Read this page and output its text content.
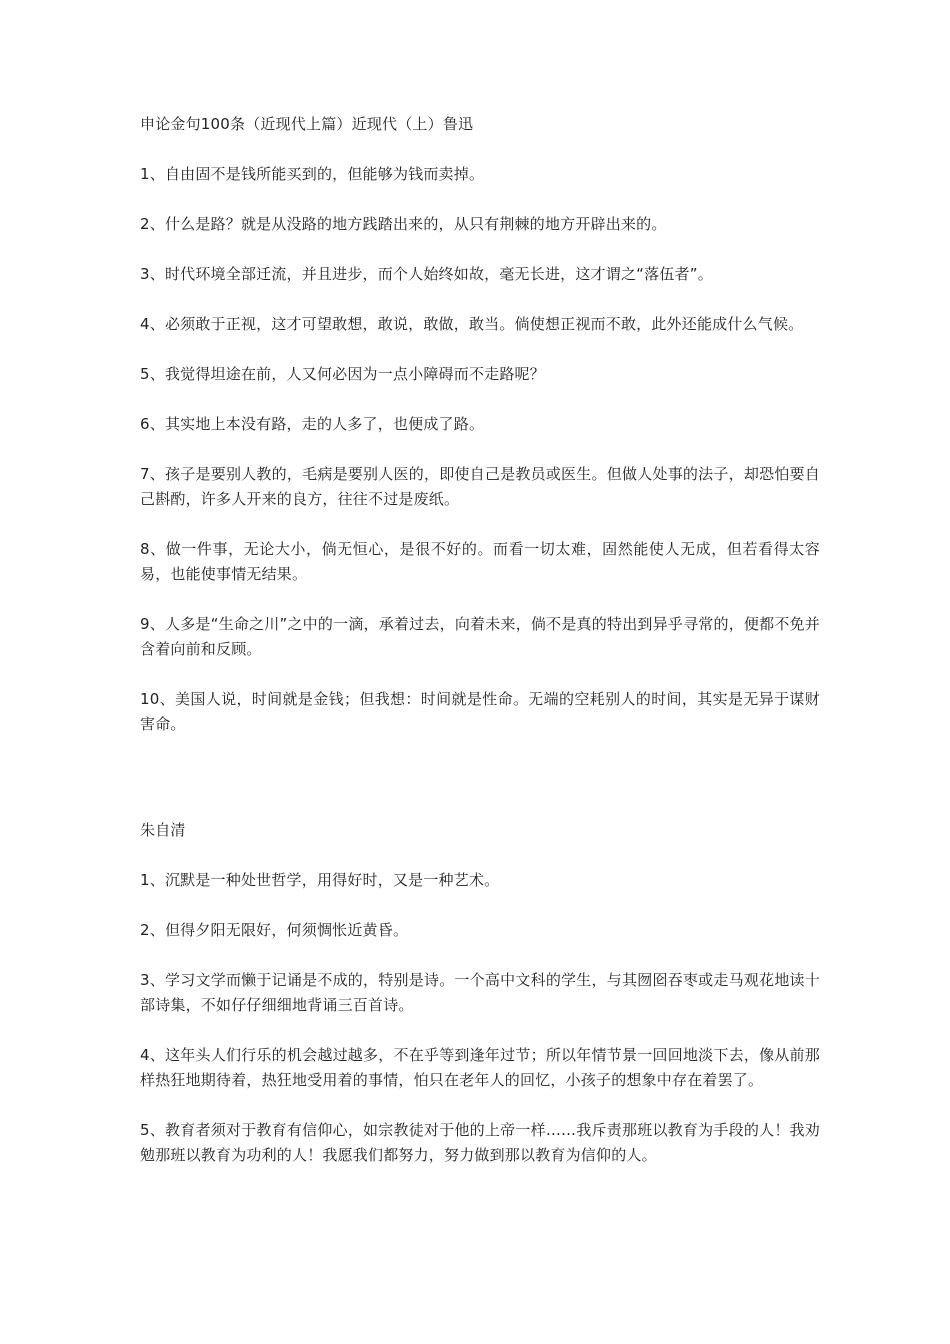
申论金句100条（近现代上篇）近现代（上）鲁迅

1、自由固不是钱所能买到的，但能够为钱而卖掉。

2、什么是路？就是从没路的地方践踏出来的，从只有荆棘的地方开辟出来的。

3、时代环境全部迁流，并且进步，而个人始终如故，毫无长进，这才谓之“落伍者”。

4、必须敢于正视，这才可望敢想，敢说，敢做，敢当。倘使想正视而不敢，此外还能成什么气候。

5、我觉得坦途在前，人又何必因为一点小障碍而不走路呢？

6、其实地上本没有路，走的人多了，也便成了路。

7、孩子是要别人教的，毛病是要别人医的，即使自己是教员或医生。但做人处事的法子，却恐怕要自己斟酌，许多人开来的良方，往往不过是废纸。

8、做一件事，无论大小，倘无恒心，是很不好的。而看一切太难，固然能使人无成，但若看得太容易，也能使事情无结果。

9、人多是“生命之川”之中的一滴，承着过去，向着未来，倘不是真的特出到异乎寻常的，便都不免并含着向前和反顾。

10、美国人说，时间就是金钱；但我想：时间就是性命。无端的空耗别人的时间，其实是无异于谋财害命。

朱自清

1、沉默是一种处世哲学，用得好时，又是一种艺术。

2、但得夕阳无限好，何须惆怅近黄昏。

3、学习文学而懒于记诵是不成的，特别是诗。一个高中文科的学生，与其囫囵吞枣或走马观花地读十部诗集，不如仔仔细细地背诵三百首诗。

4、这年头人们行乐的机会越过越多，不在乎等到逢年过节；所以年情节景一回回地淡下去，像从前那样热狂地期待着，热狂地受用着的事情，怕只在老年人的回忆，小孩子的想象中存在着罢了。

5、教育者须对于教育有信仰心，如宗教徒对于他的上帝一样……我斥责那班以教育为手段的人！我劝勉那班以教育为功利的人！我愿我们都努力，努力做到那以教育为信仰的人。
